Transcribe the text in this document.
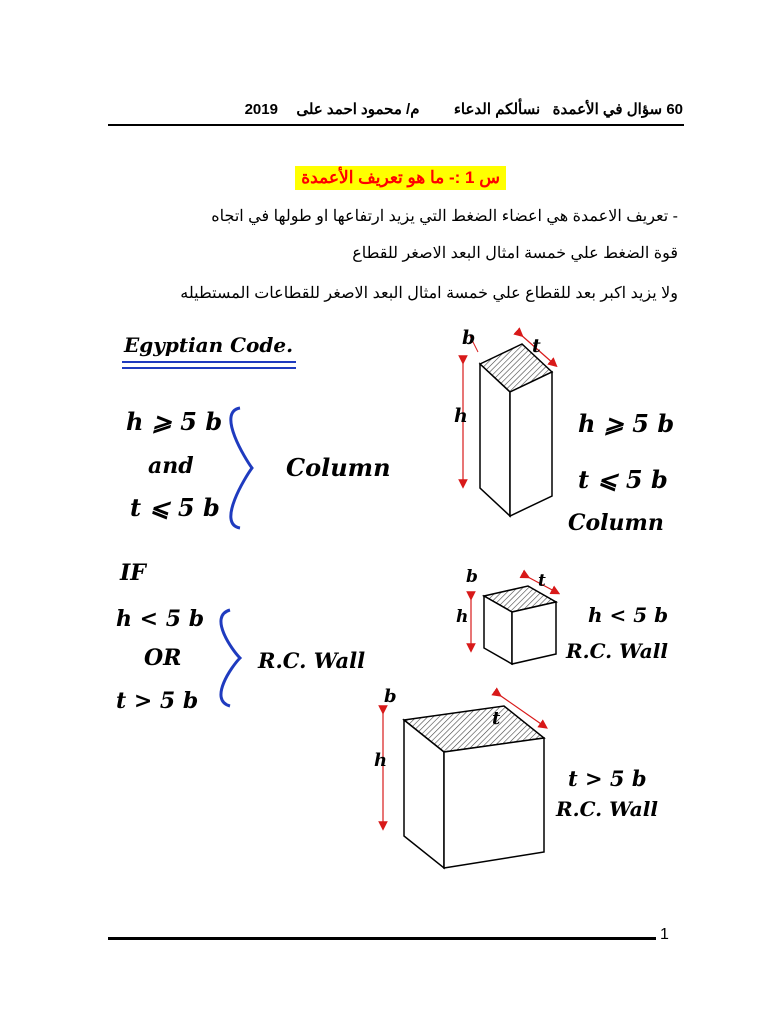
60 سؤال في الأعمدة   نسألكم الدعاء  م/ محمود احمد على  2019
س 1 :- ما هو تعريف الأعمدة
- تعريف الاعمدة هي اعضاء الضغط التي يزيد ارتفاعها او طولها في اتجاه
قوة الضغط علي خمسة امثال البعد الاصغر للقطاع
ولا يزيد اكبر بعد للقطاع علي خمسة امثال البعد الاصغر للقطاعات المستطيله
Egyptian Code.
h ⩾ 5 b
and
t ⩽ 5 b
Column
IF
h < 5 b
OR
t > 5 b
R.C. Wall
b	t
h	h ⩾ 5 b
t ⩽ 5 b
Column
b	t
h	h < 5 b
R.C. Wall
b
t
h
t > 5 b
R.C. Wall
1
